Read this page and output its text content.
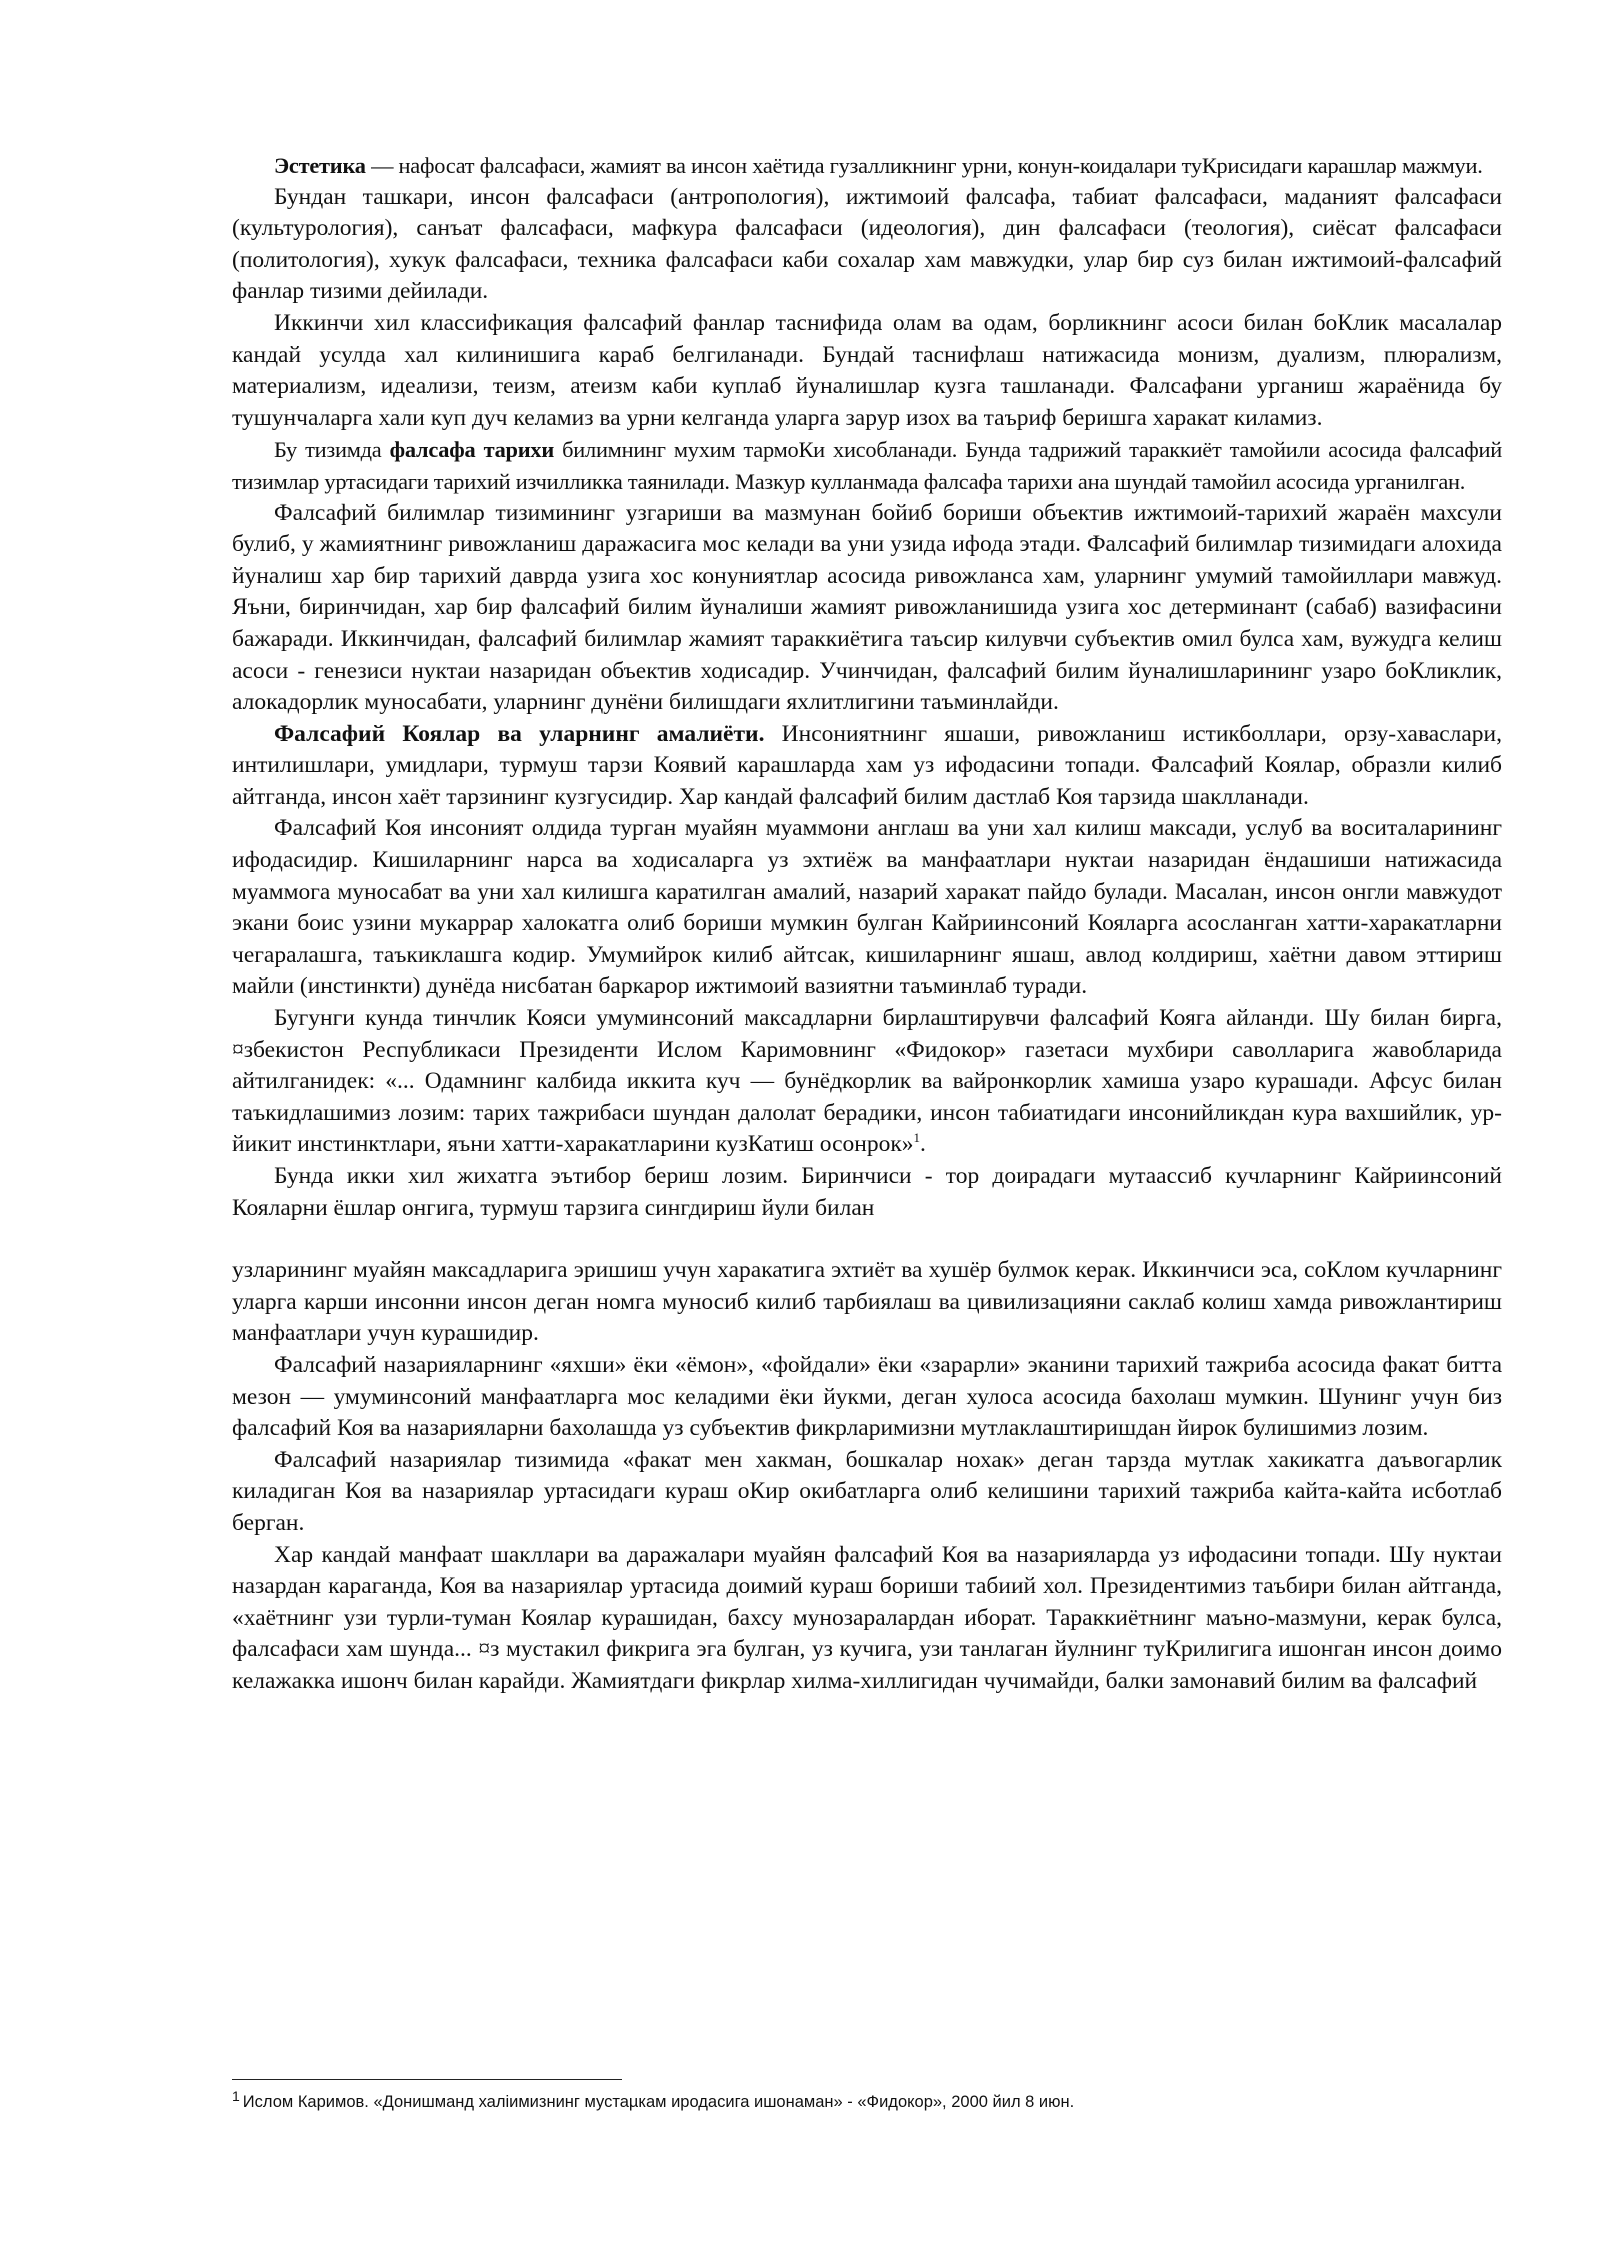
Эстетика — нафосат фалсафаси, жамият ва инсон хаётида гузалликнинг урни, конун-коидалари туКрисидаги карашлар мажмуи.

Бундан ташкари, инсон фалсафаси (антропология), ижтимоий фалсафа, табиат фалсафаси, маданият фалсафаси (культурология), санъат фалсафаси, мафкура фалсафаси (идеология), дин фалсафаси (теология), сиёсат фалсафаси (политология), хукук фалсафаси, техника фалсафаси каби сохалар хам мавжудки, улар бир суз билан ижтимоий-фалсафий фанлар тизими дейилади.

Иккинчи хил классификация фалсафий фанлар таснифида олам ва одам, борликнинг асоси билан боКлик масалалар кандай усулда хал килинишига караб белгиланади. Бундай таснифлаш натижасида монизм, дуализм, плюрализм, материализм, идеализи, теизм, атеизм каби куплаб йуналишлар кузга ташланади. Фалсафани урганиш жараёнида бу тушунчаларга хали куп дуч келамиз ва урни келганда уларга зарур изох ва таъриф беришга харакат киламиз.

Бу тизимда фалсафа тарихи билимнинг мухим тармоКи хисобланади. Бунда тадрижий тараккиёт тамойили асосида фалсафий тизимлар уртасидаги тарихий изчилликка таянилади. Мазкур кулланмада фалсафа тарихи ана шундай тамойил асосида урганилган.

Фалсафий билимлар тизимининг узгариши ва мазмунан бойиб бориши объектив ижтимоий-тарихий жараён махсули булиб, у жамиятнинг ривожланиш даражасига мос келади ва уни узида ифода этади. Фалсафий билимлар тизимидаги алохида йуналиш хар бир тарихий даврда узига хос конуниятлар асосида ривожланса хам, уларнинг умумий тамойиллари мавжуд. Яъни, биринчидан, хар бир фалсафий билим йуналиши жамият ривожланишида узига хос детерминант (сабаб) вазифасини бажаради. Иккинчидан, фалсафий билимлар жамият тараккиётига таъсир килувчи субъектив омил булса хам, вужудга келиш асоси - генезиси нуктаи назаридан объектив ходисадир. Учинчидан, фалсафий билим йуналишларининг узаро боКликлик, алокадорлик муносабати, уларнинг дунёни билишдаги яхлитлигини таъминлайди.

Фалсафий Коялар ва уларнинг амалиёти. Инсониятнинг яшаши, ривожланиш истикболлари, орзу-хаваслари, интилишлари, умидлари, турмуш тарзи Коявий карашларда хам уз ифодасини топади. Фалсафий Коялар, образли килиб айтганда, инсон хаёт тарзининг кузгусидир. Хар кандай фалсафий билим дастлаб Коя тарзида шаклланади.

Фалсафий Коя инсоният олдида турган муайян муаммони англаш ва уни хал килиш максади, услуб ва воситаларининг ифодасидир. Кишиларнинг нарса ва ходисаларга уз эхтиёж ва манфаатлари нуктаи назаридан ёндашиши натижасида муаммога муносабат ва уни хал килишга каратилган амалий, назарий харакат пайдо булади. Масалан, инсон онгли мавжудот экани боис узини мукаррар халокатга олиб бориши мумкин булган Кайриинсоний Кояларга асосланган хатти-харакатларни чегаралашга, таъкиклашга кодир. Умумийрок килиб айтсак, кишиларнинг яшаш, авлод колдириш, хаётни давом эттириш майли (инстинкти) дунёда нисбатан баркарор ижтимоий вазиятни таъминлаб туради.

Бугунги кунда тинчлик Кояси умуминсоний максадларни бирлаштирувчи фалсафий Кояга айланди. Шу билан бирга, ¤збекистон Республикаси Президенти Ислом Каримовнинг «Фидокор» газетаси мухбири саволларига жавобларида айтилганидек: «... Одамнинг калбида иккита куч — бунёдкорлик ва вайронкорлик хамиша узаро курашади. Афсус билан таъкидлашимиз лозим: тарих тажрибаси шундан далолат берадики, инсон табиатидаги инсонийликдан кура вахшийлик, ур-йикит инстинктлари, яъни хатти-харакатларини кузКатиш осонрок»$^1$.

Бунда икки хил жихатга эътибор бериш лозим. Биринчиси - тор доирадаги мутаассиб кучларнинг Кайриинсоний Кояларни ёшлар онгига, турмуш тарзига сингдириш йули билан

узларининг муайян максадларига эришиш учун харакатига эхтиёт ва хушёр булмок керак. Иккинчиси эса, соКлом кучларнинг уларга карши инсонни инсон деган номга муносиб килиб тарбиялаш ва цивилизацияни саклаб колиш хамда ривожлантириш манфаатлари учун курашидир.

Фалсафий назарияларнинг «яхши» ёки «ёмон», «фойдали» ёки «зарарли» эканини тарихий тажриба асосида факат битта мезон — умуминсоний манфаатларга мос келадими ёки йукми, деган хулоса асосида бахолаш мумкин. Шунинг учун биз фалсафий Коя ва назарияларни бахолашда уз субъектив фикрларимизни мутлаклаштиришдан йирок булишимиз лозим.

Фалсафий назариялар тизимида «факат мен хакман, бошкалар нохак» деган тарзда мутлак хакикатга даъвогарлик киладиган Коя ва назариялар уртасидаги кураш оКир окибатларга олиб келишини тарихий тажриба кайта-кайта исботлаб берган.

Хар кандай манфаат шакллари ва даражалари муайян фалсафий Коя ва назарияларда уз ифодасини топади. Шу нуктаи назардан караганда, Коя ва назариялар уртасида доимий кураш бориши табиий хол. Президентимиз таъбири билан айтганда, «хаётнинг узи турли-туман Коялар курашидан, бахсу мунозаралардан иборат. Тараккиётнинг маъно-мазмуни, керак булса, фалсафаси хам шунда... ¤з мустакил фикрига эга булган, уз кучига, узи танлаган йулнинг туКрилигига ишонган инсон доимо келажакка ишонч билан карайди. Жамиятдаги фикрлар хилма-хиллигидан чучимайди, балки замонавий билим ва фалсафий

$^1$ Ислом Каримов. «Донишманд халіимизнинг мустаµкам иродасига ишонаман» - «Фидокор», 2000 йил 8 июн.
